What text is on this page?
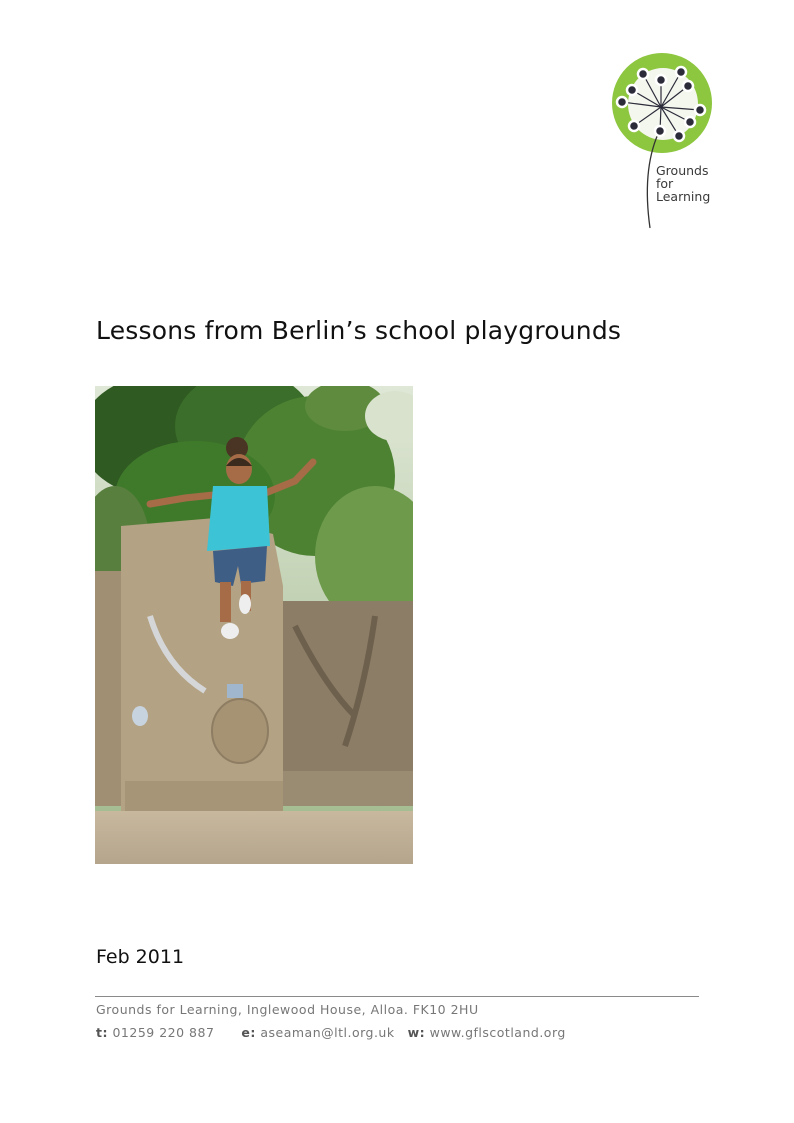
Grounds
for
Learning
Lessons from Berlin’s school playgrounds
Feb 2011
Grounds for Learning, Inglewood House, Alloa. FK10 2HU
t: 01259 220 887 e: aseaman@ltl.org.uk w: www.gflscotland.org
